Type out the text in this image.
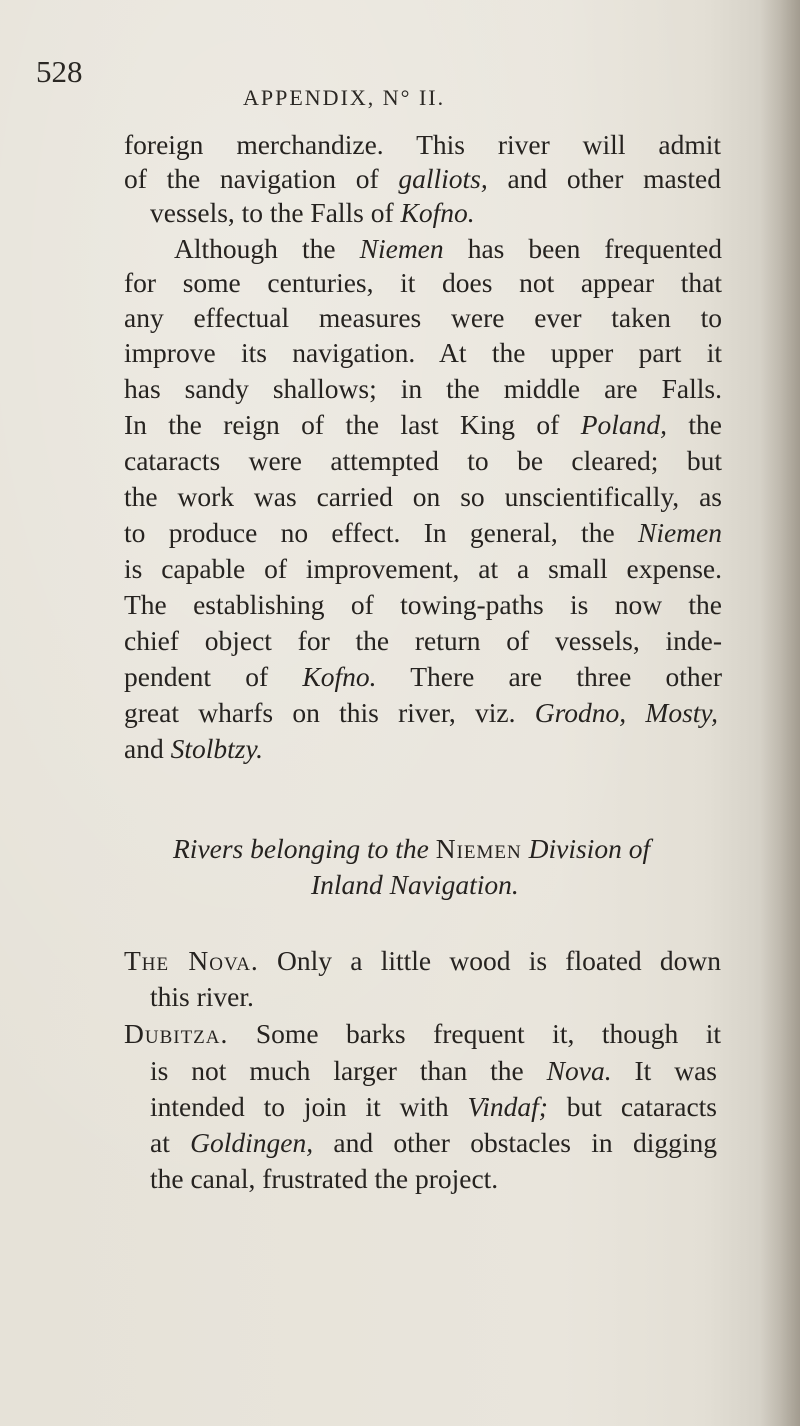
528
APPENDIX, N° II.
foreign merchandize. This river will admit
of the navigation of galliots, and other masted
vessels, to the Falls of Kofno.
Although the Niemen has been frequented
for some centuries, it does not appear that
any effectual measures were ever taken to
improve its navigation. At the upper part it
has sandy shallows; in the middle are Falls.
In the reign of the last King of Poland, the
cataracts were attempted to be cleared; but
the work was carried on so unscientifically, as
to produce no effect. In general, the Niemen
is capable of improvement, at a small expense.
The establishing of towing-paths is now the
chief object for the return of vessels, inde-
pendent of Kofno. There are three other
great wharfs on this river, viz. Grodno, Mosty,
and Stolbtzy.
Rivers belonging to the Niemen Division of
Inland Navigation.
The Nova. Only a little wood is floated down
this river.
Dubitza. Some barks frequent it, though it
is not much larger than the Nova. It was
intended to join it with Vindaf; but cataracts
at Goldingen, and other obstacles in digging
the canal, frustrated the project.
